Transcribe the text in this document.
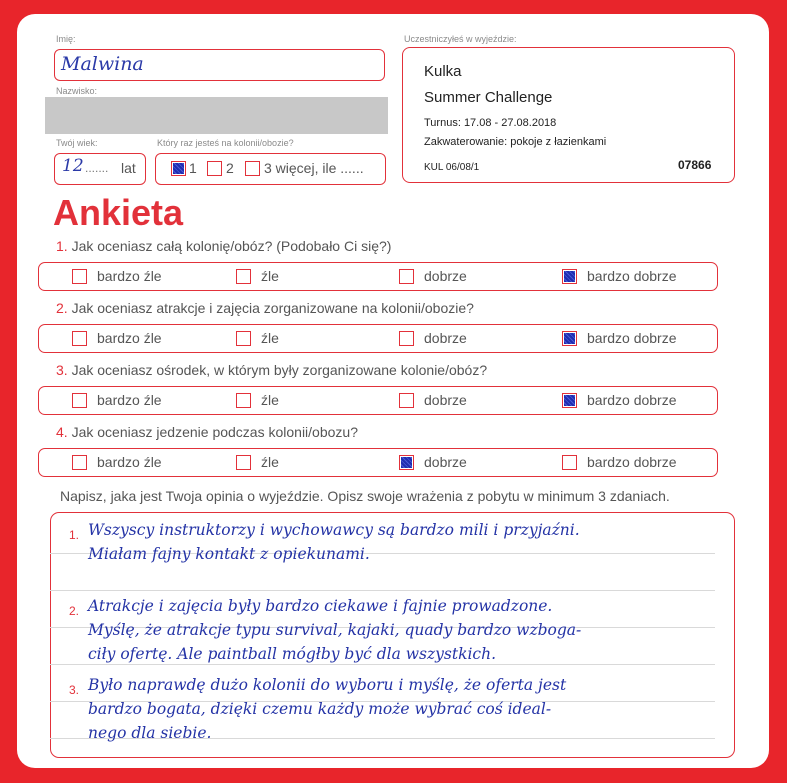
Imię:
Malwina
Nazwisko:
Twój wiek:
12 ....... lat
Który raz jesteś na kolonii/obozie?
1 2 3 więcej, ile ......
Uczestniczyłeś w wyjeździe:
Kulka
Summer Challenge
Turnus: 17.08 - 27.08.2018
Zakwaterowanie: pokoje z łazienkami
KUL 06/08/1	07866
Ankieta
1. Jak oceniasz całą kolonię/obóz? (Podobało Ci się?)
bardzo źle	źle	dobrze	bardzo dobrze
2. Jak oceniasz atrakcje i zajęcia zorganizowane na kolonii/obozie?
bardzo źle	źle	dobrze	bardzo dobrze
3. Jak oceniasz ośrodek, w którym były zorganizowane kolonie/obóz?
bardzo źle	źle	dobrze	bardzo dobrze
4. Jak oceniasz jedzenie podczas kolonii/obozu?
bardzo źle	źle	dobrze	bardzo dobrze
Napisz, jaka jest Twoja opinia o wyjeździe. Opisz swoje wrażenia z pobytu w minimum 3 zdaniach.
1. Wszyscy instruktorzy i wychowawcy są bardzo mili i przyjaźni.
Miałam fajny kontakt z opiekunami.
2. Atrakcje i zajęcia były bardzo ciekawe i fajnie prowadzone.
Myślę, że atrakcje typu survival, kajaki, quady bardzo wzboga-
ciły ofertę. Ale paintball mógłby być dla wszystkich.
3. Było naprawdę dużo kolonii do wyboru i myślę, że oferta jest
bardzo bogata, dzięki czemu każdy może wybrać coś ideal-
nego dla siebie.
